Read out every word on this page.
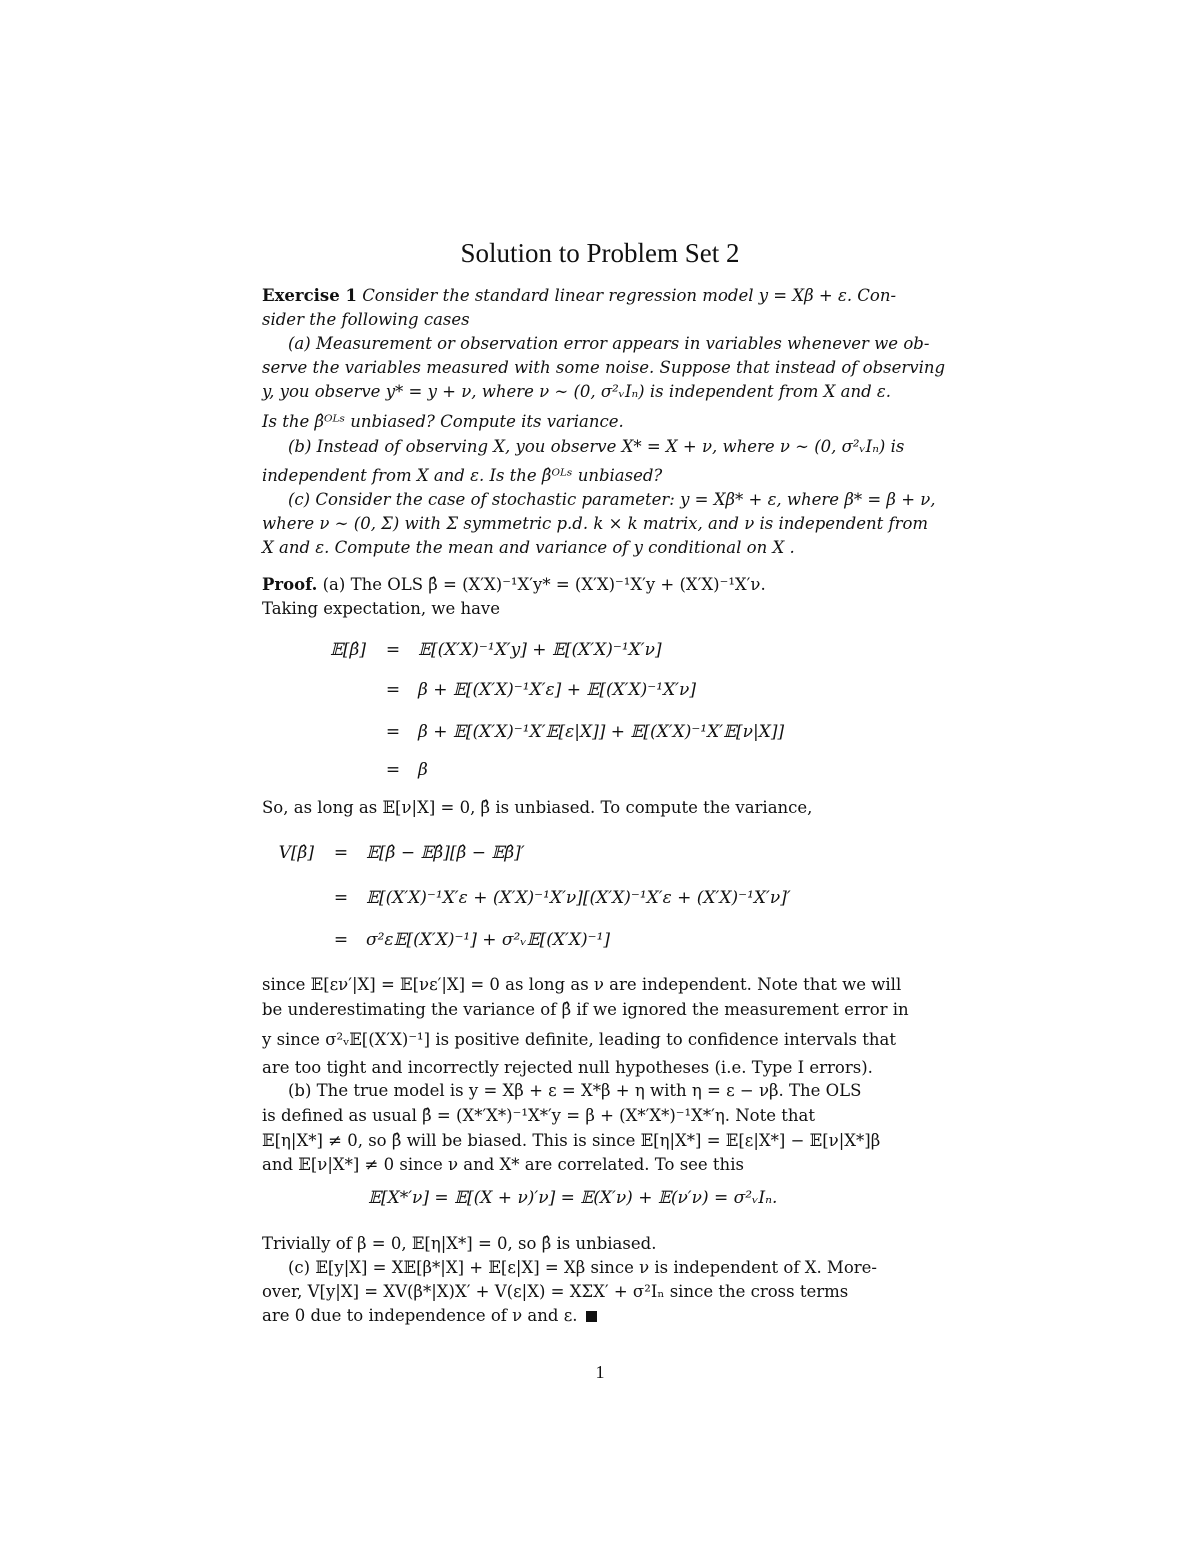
Solution to Problem Set 2
Exercise 1 Consider the standard linear regression model y = Xβ + ε. Con-
sider the following cases
(a) Measurement or observation error appears in variables whenever we ob-
serve the variables measured with some noise. Suppose that instead of observing
y, you observe y* = y + ν, where ν ∼ (0, σ²ᵥIₙ) is independent from X and ε.
Is the β̂ᴼᴸˢ unbiased? Compute its variance.
(b) Instead of observing X, you observe X* = X + ν, where ν ∼ (0, σ²ᵥIₙ) is
independent from X and ε. Is the β̂ᴼᴸˢ unbiased?
(c) Consider the case of stochastic parameter: y = Xβ* + ε, where β* = β + ν,
where ν ∼ (0, Σ) with Σ symmetric p.d. k × k matrix, and ν is independent from
X and ε. Compute the mean and variance of y conditional on X .
Proof. (a) The OLS β̂ = (X′X)⁻¹X′y* = (X′X)⁻¹X′y + (X′X)⁻¹X′ν.
Taking expectation, we have
𝔼[β̂]	=	𝔼[(X′X)⁻¹X′y] + 𝔼[(X′X)⁻¹X′ν]
=	β + 𝔼[(X′X)⁻¹X′ε] + 𝔼[(X′X)⁻¹X′ν]
=	β + 𝔼[(X′X)⁻¹X′𝔼[ε|X]] + 𝔼[(X′X)⁻¹X′𝔼[ν|X]]
=	β
So, as long as 𝔼[ν|X] = 0, β̂ is unbiased. To compute the variance,
V[β̂]	=	𝔼[β̂ − 𝔼β̂][β̂ − 𝔼β̂]′
=	𝔼[(X′X)⁻¹X′ε + (X′X)⁻¹X′ν][(X′X)⁻¹X′ε + (X′X)⁻¹X′ν]′
=	σ²ε𝔼[(X′X)⁻¹] + σ²ᵥ𝔼[(X′X)⁻¹]
since 𝔼[εν′|X] = 𝔼[νε′|X] = 0 as long as ν are independent. Note that we will
be underestimating the variance of β̂ if we ignored the measurement error in
y since σ²ᵥ𝔼[(X′X)⁻¹] is positive definite, leading to confidence intervals that
are too tight and incorrectly rejected null hypotheses (i.e. Type I errors).
(b) The true model is y = Xβ + ε = X*β + η with η = ε − νβ. The OLS
is defined as usual β̂ = (X*′X*)⁻¹X*′y = β + (X*′X*)⁻¹X*′η. Note that
𝔼[η|X*] ≠ 0, so β̂ will be biased. This is since 𝔼[η|X*] = 𝔼[ε|X*] − 𝔼[ν|X*]β
and 𝔼[ν|X*] ≠ 0 since ν and X* are correlated. To see this
𝔼[X*′ν] = 𝔼[(X + ν)′ν] = 𝔼(X′ν) + 𝔼(ν′ν) = σ²ᵥIₙ.
Trivially of β = 0, 𝔼[η|X*] = 0, so β̂ is unbiased.
(c) 𝔼[y|X] = X𝔼[β*|X] + 𝔼[ε|X] = Xβ since ν is independent of X. More-
over, V[y|X] = XV(β*|X)X′ + V(ε|X) = XΣX′ + σ²Iₙ since the cross terms
are 0 due to independence of ν and ε.
1
